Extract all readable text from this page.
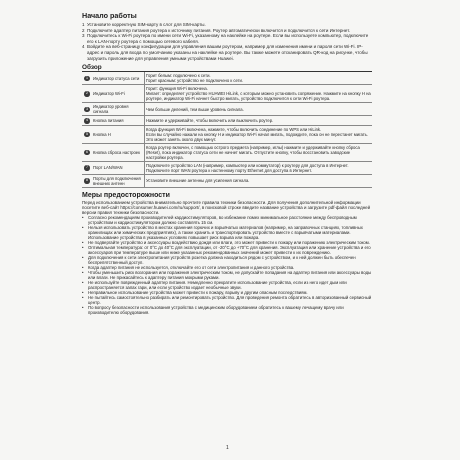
Начало работы
1 Установите корректную SIM-карту в слот для SIM-карты.
2 Подключите адаптер питания роутера к источнику питания. Роутер автоматически включится и подключится к сети Интернет.
3 Подключитесь к Wi-Fi роутера по имени сети Wi-Fi, указанному на наклейке на роутере. Если вы используете компьютер, подключите его к LAN-порту роутера с помощью сетевого кабеля.
4 Войдите на веб-страницу конфигурации для управления вашим роутером, например для изменения имени и пароля сети Wi-Fi. IP-адрес и пароль для входа по умолчанию указаны на наклейке на роутере. Вы также можете отсканировать QR-код на рисунке, чтобы загрузить приложение для управления умными устройствами Huawei.
Обзор
1	Индикатор статуса сети	Горит белым: подключено к сети.
Горит красным: устройство не подключено к сети.

2	Индикатор Wi-Fi	Горит: функция Wi-Fi включена.
Мигает: определяет устройство HUAWEI HiLink, с которым можно установить сопряжение. Нажмите на кнопку H на роутере, индикатор Wi-Fi начнет быстро мигать, устройство подключится к сети Wi-Fi роутера.

3	Индикатор уровня сигнала	Чем больше делений, тем выше уровень сигнала.

4	Кнопка питания	Нажмите и удерживайте, чтобы включить или выключить роутер.

5	Кнопка H	Когда функция Wi-Fi включена, нажмите, чтобы включить соединение по WPS или HiLink.
Если вы случайно нажали на кнопку H и индикатор Wi-Fi начал мигать, подождите, пока он не перестанет мигать. Это может занять около двух минут.

6	Кнопка сброса настроек	Когда роутер включен, с помощью острого предмета (например, иглы) нажмите и удерживайте кнопку сброса (Reset), пока индикатор статуса сети не начнет мигать. Отпустите кнопку, чтобы восстановить заводские настройки роутера.

7	Порт LAN/WAN	Подключите устройство LAN (например, компьютер или коммутатор) к роутеру для доступа в Интернет.
Подключите порт WAN роутера к настенному порту Ethernet для доступа в Интернет.

8	Порты для подключения внешних антенн	Установите внешние антенны для усиления сигнала.
Меры предосторожности
Перед использованием устройства внимательно прочтите правила техники безопасности. Для получения дополнительной информации посетите веб-сайт https://consumer.huawei.com/ru/support/, в поисковой строке введите название устройства и загрузите pdf-файл последней версии правил техники безопасности.
•	Согласно рекомендациям производителей кардиостимуляторов, во избежание помех минимальное расстояние между беспроводным устройством и кардиостимулятором должно составлять 15 см.
•	Нельзя использовать устройство в местах хранения горючих и взрывчатых материалов (например, на заправочных станциях, топливных хранилищах или химических предприятиях), а также хранить и транспортировать устройство вместе с взрывчатыми материалами. Использование устройства в указанных условиях повышает риск взрыва или пожара.
•	Не подвергайте устройство и аксессуары воздействию дождя или влаги, это может привести к пожару или поражению электрическим током.
•	Оптимальная температура: от 0°С до 40°С для эксплуатации, от -20°С до +70°С для хранения. Эксплуатация или хранение устройства и его аксессуаров при температуре выше или ниже указанных рекомендованных значений может привести к их повреждению.
•	Для подключения к сети электропитания устройств розетка должна находиться рядом с устройством, и к ней должен быть обеспечен беспрепятственный доступ.
•	Когда адаптер питания не используется, отключайте его от сети электропитания и данного устройства.
•	Чтобы уменьшить риск возгорания или поражения электрическим током, не допускайте попадания на адаптер питания или аксессуары воды или влаги. Не прикасайтесь к адаптеру питания мокрыми руками.
•	Не используйте поврежденный адаптер питания. Немедленно прекратите использование устройства, если из него идет дым или распространяется запах гари, или если устройство издает необычные звуки.
•	Неправильное использование устройства может привести к пожару, взрыву и другим опасным последствиям.
•	Не пытайтесь самостоятельно разбирать или ремонтировать устройство. Для проведения ремонта обратитесь в авторизованный сервисный центр.
•	По вопросу безопасности использования устройства с медицинским оборудованием обратитесь к вашему лечащему врачу или производителю оборудования.
1
